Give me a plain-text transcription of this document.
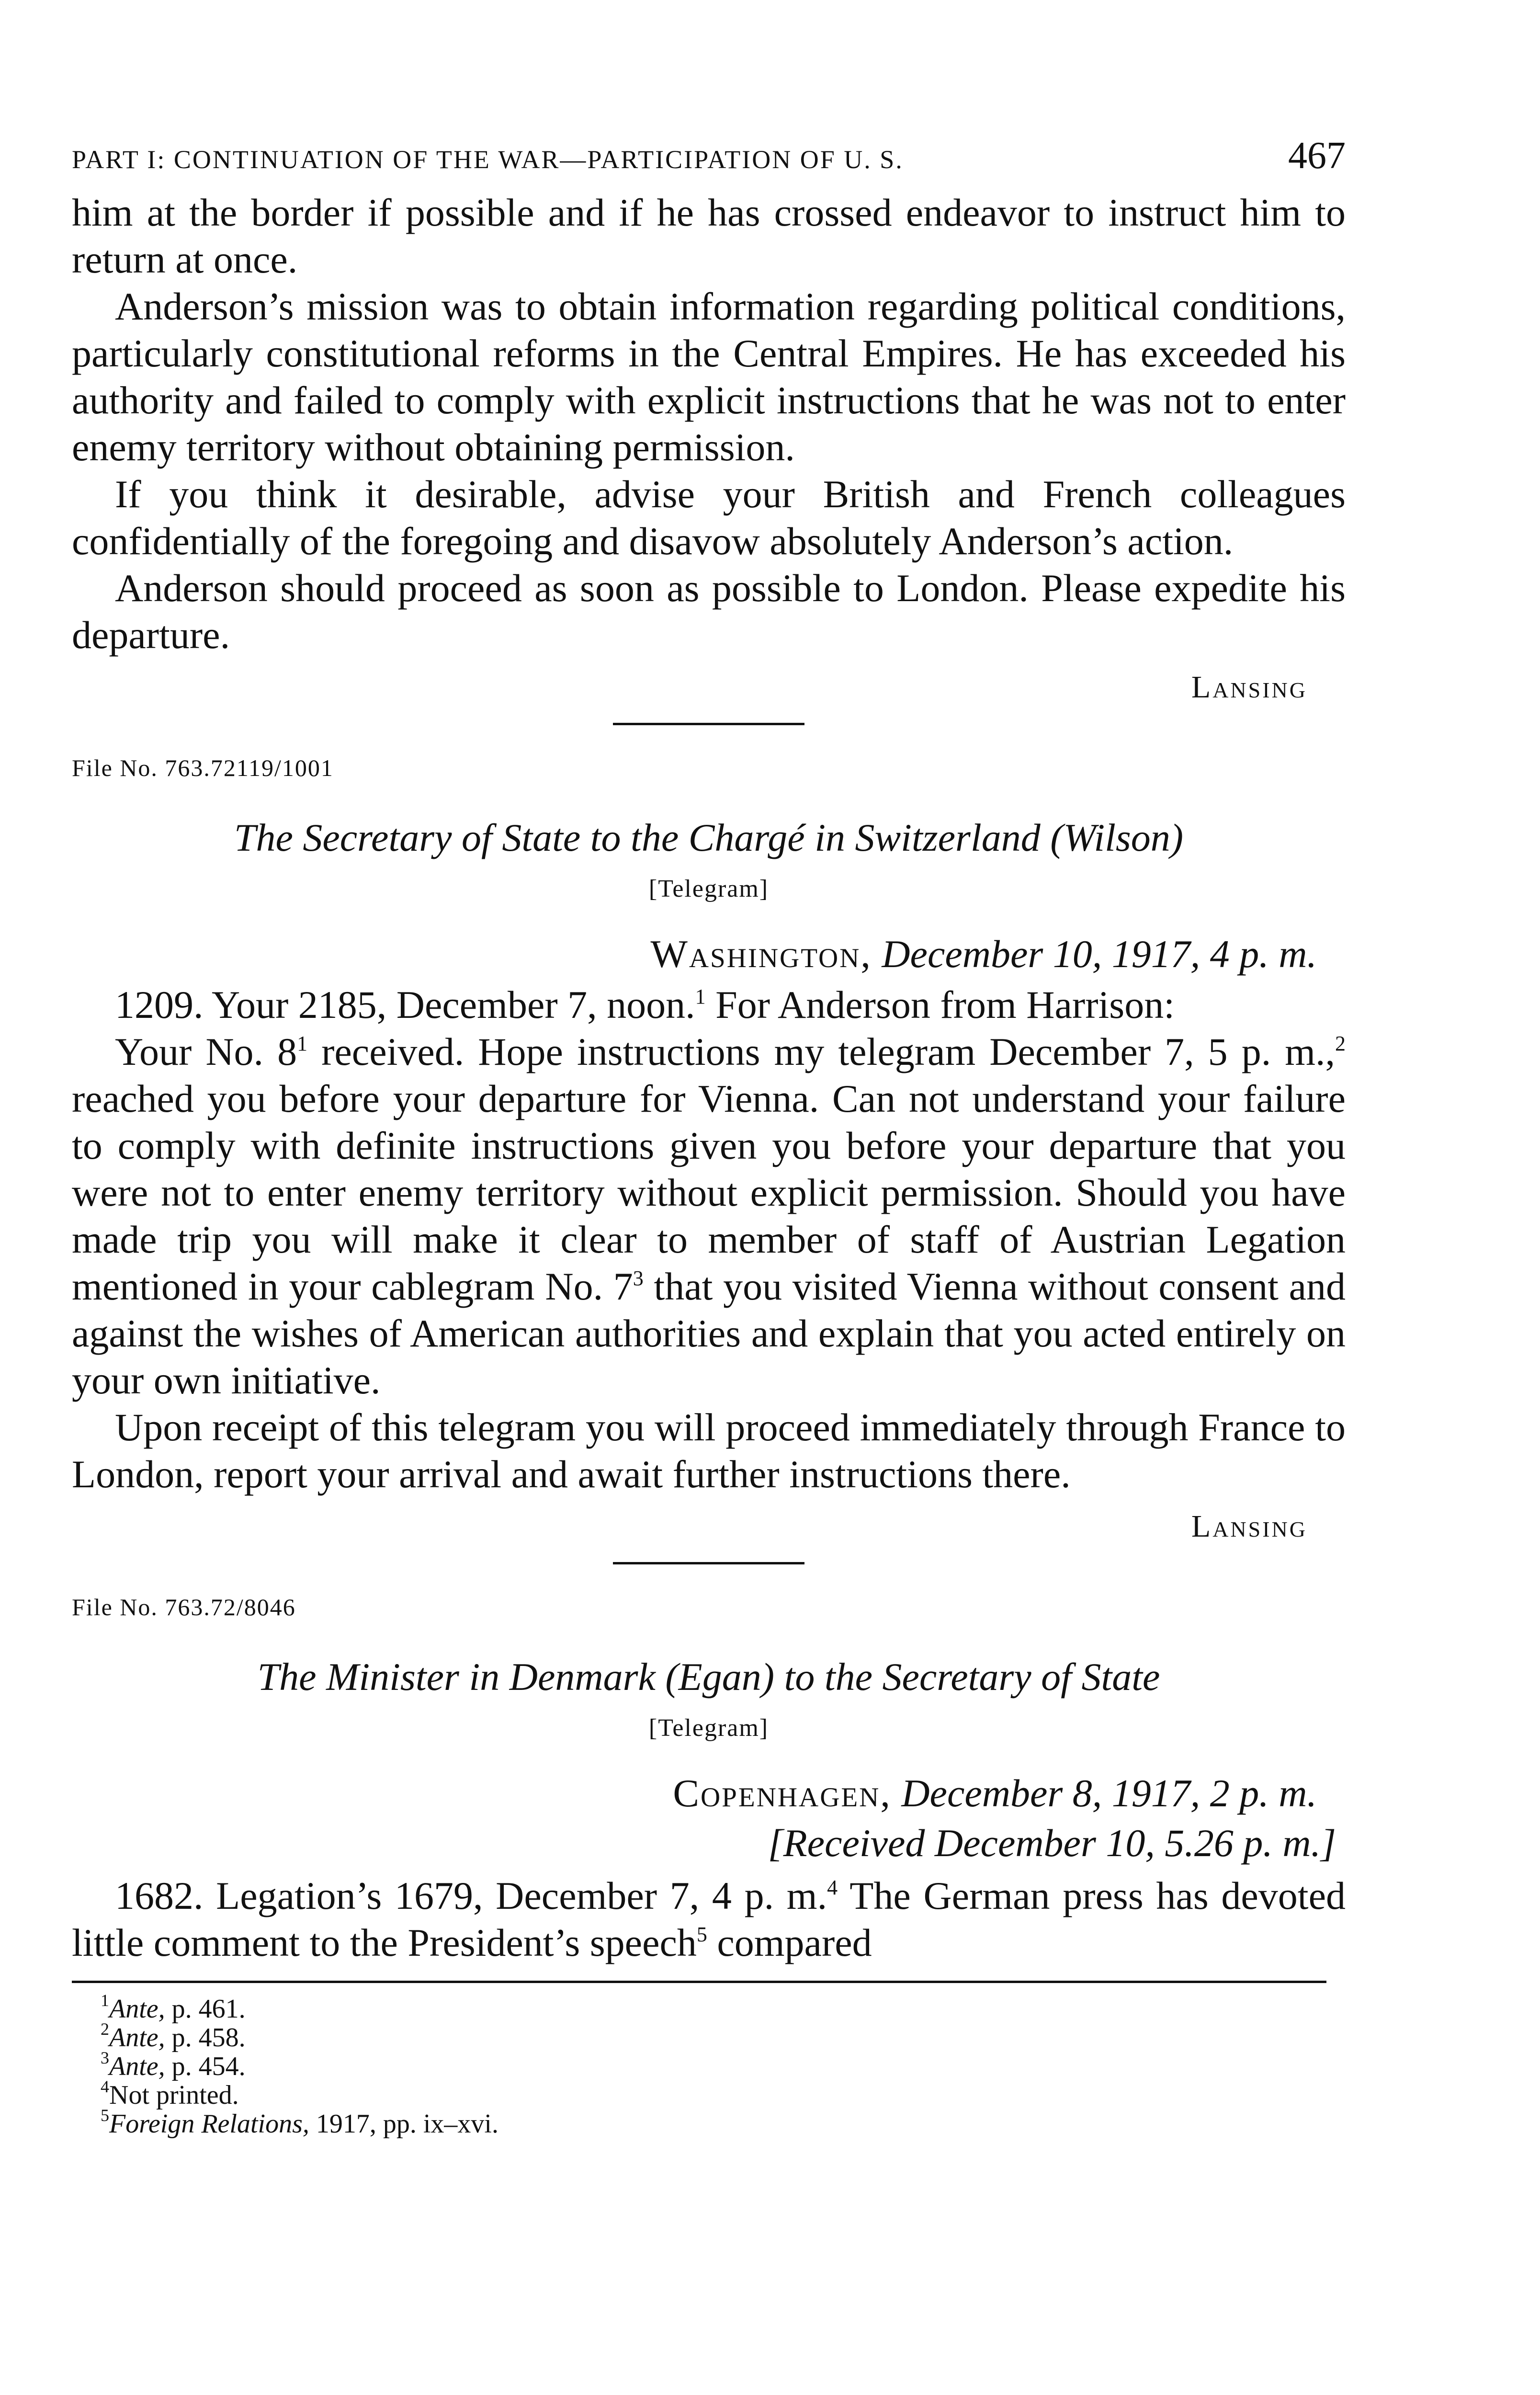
PART I: CONTINUATION OF THE WAR—PARTICIPATION OF U. S.	467

him at the border if possible and if he has crossed endeavor to instruct him to return at once.

Anderson’s mission was to obtain information regarding political conditions, particularly constitutional reforms in the Central Empires. He has exceeded his authority and failed to comply with explicit instructions that he was not to enter enemy territory without obtaining permission.

If you think it desirable, advise your British and French colleagues confidentially of the foregoing and disavow absolutely Anderson’s action.

Anderson should proceed as soon as possible to London. Please expedite his departure.

Lansing
File No. 763.72119/1001
The Secretary of State to the Chargé in Switzerland (Wilson)
[Telegram]
Washington, December 10, 1917, 4 p. m.

1209. Your 2185, December 7, noon.$^1$ For Anderson from Harrison:

Your No. $8^1$ received. Hope instructions my telegram December 7, 5 p. m.,$^2$ reached you before your departure for Vienna. Can not understand your failure to comply with definite instructions given you before your departure that you were not to enter enemy territory without explicit permission. Should you have made trip you will make it clear to member of staff of Austrian Legation mentioned in your cablegram No. $7^3$ that you visited Vienna without consent and against the wishes of American authorities and explain that you acted entirely on your own initiative.

Upon receipt of this telegram you will proceed immediately through France to London, report your arrival and await further instructions there.

Lansing
File No. 763.72/8046
The Minister in Denmark (Egan) to the Secretary of State
[Telegram]
Copenhagen, December 8, 1917, 2 p. m.
[Received December 10, 5.26 p. m.]

1682. Legation’s 1679, December 7, 4 p. m.$^4$ The German press has devoted little comment to the President’s speech$^5$ compared

$^1$Ante, p. 461.
$^2$Ante, p. 458.
$^3$Ante, p. 454.
$^4$Not printed.
$^5$Foreign Relations, 1917, pp. ix–xvi.
